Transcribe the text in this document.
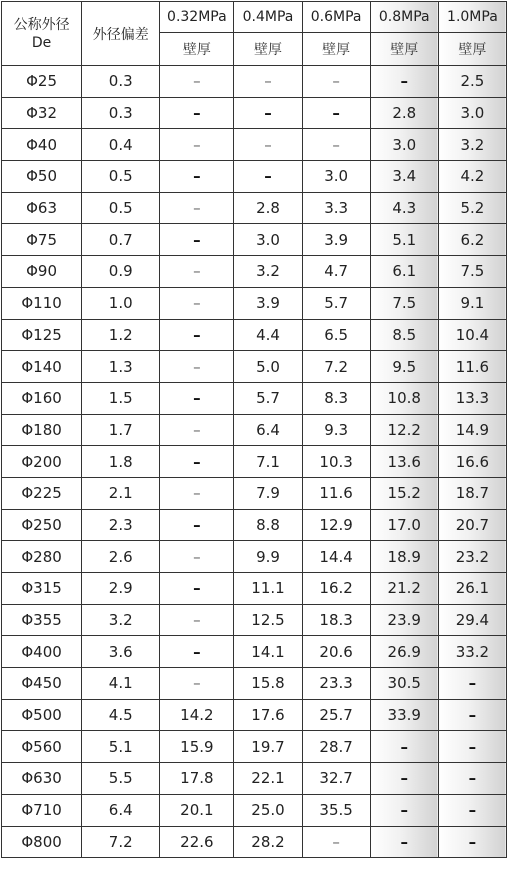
公称外径
De	外径偏差	0.32MPa	0.4MPa	0.6MPa	0.8MPa	1.0MPa
		壁厚	壁厚	壁厚	壁厚	壁厚
Φ25	0.3	–	–	–	–	2.5
Φ32	0.3	–	–	–	2.8	3.0
Φ40	0.4	–	–	–	3.0	3.2
Φ50	0.5	–	–	3.0	3.4	4.2
Φ63	0.5	–	2.8	3.3	4.3	5.2
Φ75	0.7	–	3.0	3.9	5.1	6.2
Φ90	0.9	–	3.2	4.7	6.1	7.5
Φ110	1.0	–	3.9	5.7	7.5	9.1
Φ125	1.2	–	4.4	6.5	8.5	10.4
Φ140	1.3	–	5.0	7.2	9.5	11.6
Φ160	1.5	–	5.7	8.3	10.8	13.3
Φ180	1.7	–	6.4	9.3	12.2	14.9
Φ200	1.8	–	7.1	10.3	13.6	16.6
Φ225	2.1	–	7.9	11.6	15.2	18.7
Φ250	2.3	–	8.8	12.9	17.0	20.7
Φ280	2.6	–	9.9	14.4	18.9	23.2
Φ315	2.9	–	11.1	16.2	21.2	26.1
Φ355	3.2	–	12.5	18.3	23.9	29.4
Φ400	3.6	–	14.1	20.6	26.9	33.2
Φ450	4.1	–	15.8	23.3	30.5	–
Φ500	4.5	14.2	17.6	25.7	33.9	–
Φ560	5.1	15.9	19.7	28.7	–	–
Φ630	5.5	17.8	22.1	32.7	–	–
Φ710	6.4	20.1	25.0	35.5	–	–
Φ800	7.2	22.6	28.2	–	–	–
